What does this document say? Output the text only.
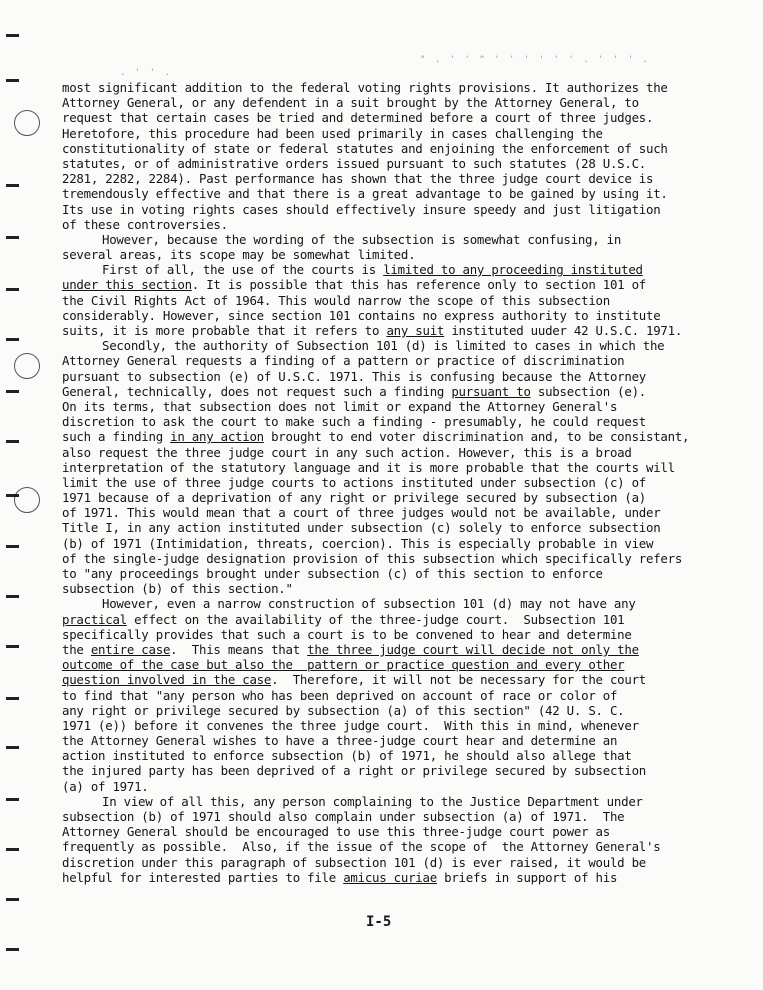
. ' ' .
" . ' ' ^ ' ' ' ' ' ' . ' ' ' .
most significant addition to the federal voting rights provisions. It authorizes the
Attorney General, or any defendent in a suit brought by the Attorney General, to
request that certain cases be tried and determined before a court of three judges.
Heretofore, this procedure had been used primarily in cases challenging the
constitutionality of state or federal statutes and enjoining the enforcement of such
statutes, or of administrative orders issued pursuant to such statutes (28 U.S.C.
2281, 2282, 2284). Past performance has shown that the three judge court device is
tremendously effective and that there is a great advantage to be gained by using it.
Its use in voting rights cases should effectively insure speedy and just litigation
of these controversies.
However, because the wording of the subsection is somewhat confusing, in
several areas, its scope may be somewhat limited.
First of all, the use of the courts is limited to any proceeding instituted
under this section. It is possible that this has reference only to section 101 of
the Civil Rights Act of 1964. This would narrow the scope of this subsection
considerably. However, since section 101 contains no express authority to institute
suits, it is more probable that it refers to any suit instituted uuder 42 U.S.C. 1971.
Secondly, the authority of Subsection 101 (d) is limited to cases in which the
Attorney General requests a finding of a pattern or practice of discrimination
pursuant to subsection (e) of U.S.C. 1971. This is confusing because the Attorney
General, technically, does not request such a finding pursuant to subsection (e).
On its terms, that subsection does not limit or expand the Attorney General's
discretion to ask the court to make such a finding - presumably, he could request
such a finding in any action brought to end voter discrimination and, to be consistant,
also request the three judge court in any such action. However, this is a broad
interpretation of the statutory language and it is more probable that the courts will
limit the use of three judge courts to actions instituted under subsection (c) of
1971 because of a deprivation of any right or privilege secured by subsection (a)
of 1971. This would mean that a court of three judges would not be available, under
Title I, in any action instituted under subsection (c) solely to enforce subsection
(b) of 1971 (Intimidation, threats, coercion). This is especially probable in view
of the single-judge designation provision of this subsection which specifically refers
to "any proceedings brought under subsection (c) of this section to enforce
subsection (b) of this section."
However, even a narrow construction of subsection 101 (d) may not have any
practical effect on the availability of the three-judge court.  Subsection 101
specifically provides that such a court is to be convened to hear and determine
the entire case.  This means that the three judge court will decide not only the
outcome of the case but also the  pattern or practice question and every other
question involved in the case.  Therefore, it will not be necessary for the court
to find that "any person who has been deprived on account of race or color of
any right or privilege secured by subsection (a) of this section" (42 U. S. C.
1971 (e)) before it convenes the three judge court.  With this in mind, whenever
the Attorney General wishes to have a three-judge court hear and determine an
action instituted to enforce subsection (b) of 1971, he should also allege that
the injured party has been deprived of a right or privilege secured by subsection
(a) of 1971.
In view of all this, any person complaining to the Justice Department under
subsection (b) of 1971 should also complain under subsection (a) of 1971.  The
Attorney General should be encouraged to use this three-judge court power as
frequently as possible.  Also, if the issue of the scope of  the Attorney General's
discretion under this paragraph of subsection 101 (d) is ever raised, it would be
helpful for interested parties to file amicus curiae briefs in support of his
I-5
